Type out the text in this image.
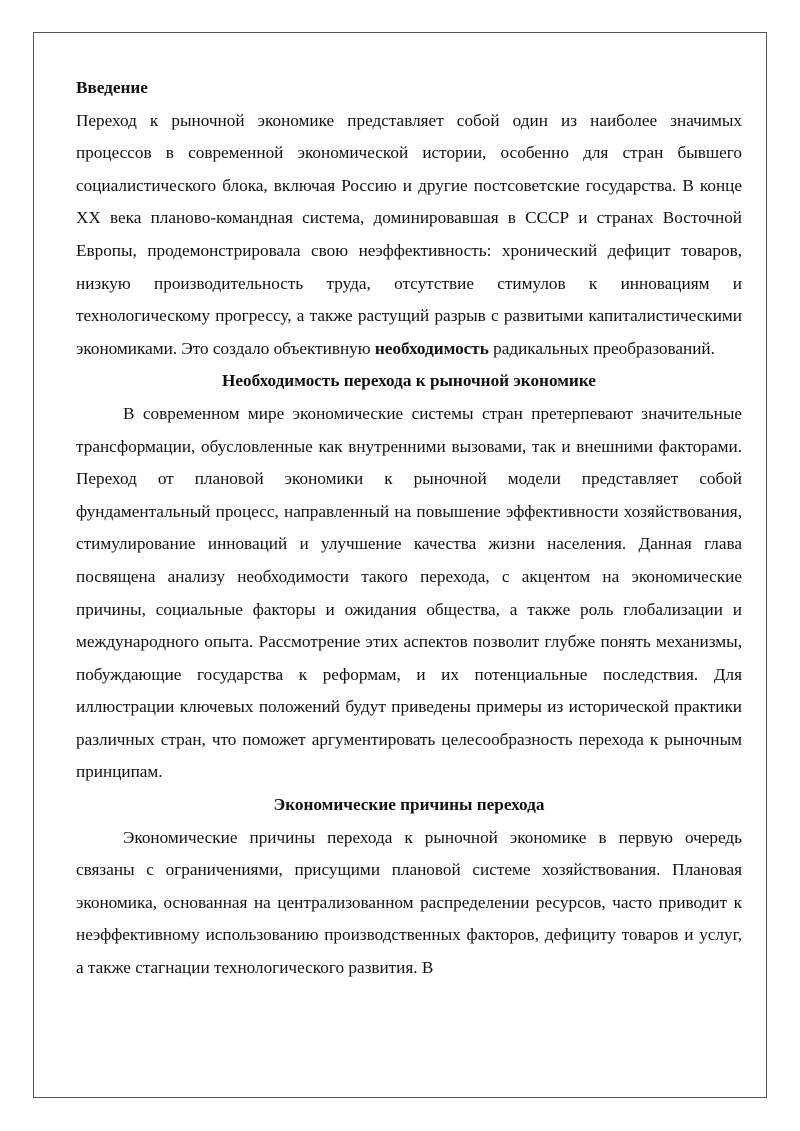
Введение

Переход к рыночной экономике представляет собой один из наиболее значимых процессов в современной экономической истории, особенно для стран бывшего социалистического блока, включая Россию и другие постсоветские государства. В конце XX века планово-командная система, доминировавшая в СССР и странах Восточной Европы, продемонстрировала свою неэффективность: хронический дефицит товаров, низкую производительность труда, отсутствие стимулов к инновациям и технологическому прогрессу, а также растущий разрыв с развитыми капиталистическими экономиками. Это создало объективную необходимость радикальных преобразований.

Необходимость перехода к рыночной экономике

В современном мире экономические системы стран претерпевают значительные трансформации, обусловленные как внутренними вызовами, так и внешними факторами. Переход от плановой экономики к рыночной модели представляет собой фундаментальный процесс, направленный на повышение эффективности хозяйствования, стимулирование инноваций и улучшение качества жизни населения. Данная глава посвящена анализу необходимости такого перехода, с акцентом на экономические причины, социальные факторы и ожидания общества, а также роль глобализации и международного опыта. Рассмотрение этих аспектов позволит глубже понять механизмы, побуждающие государства к реформам, и их потенциальные последствия. Для иллюстрации ключевых положений будут приведены примеры из исторической практики различных стран, что поможет аргументировать целесообразность перехода к рыночным принципам.

Экономические причины перехода

Экономические причины перехода к рыночной экономике в первую очередь связаны с ограничениями, присущими плановой системе хозяйствования. Плановая экономика, основанная на централизованном распределении ресурсов, часто приводит к неэффективному использованию производственных факторов, дефициту товаров и услуг, а также стагнации технологического развития. В
